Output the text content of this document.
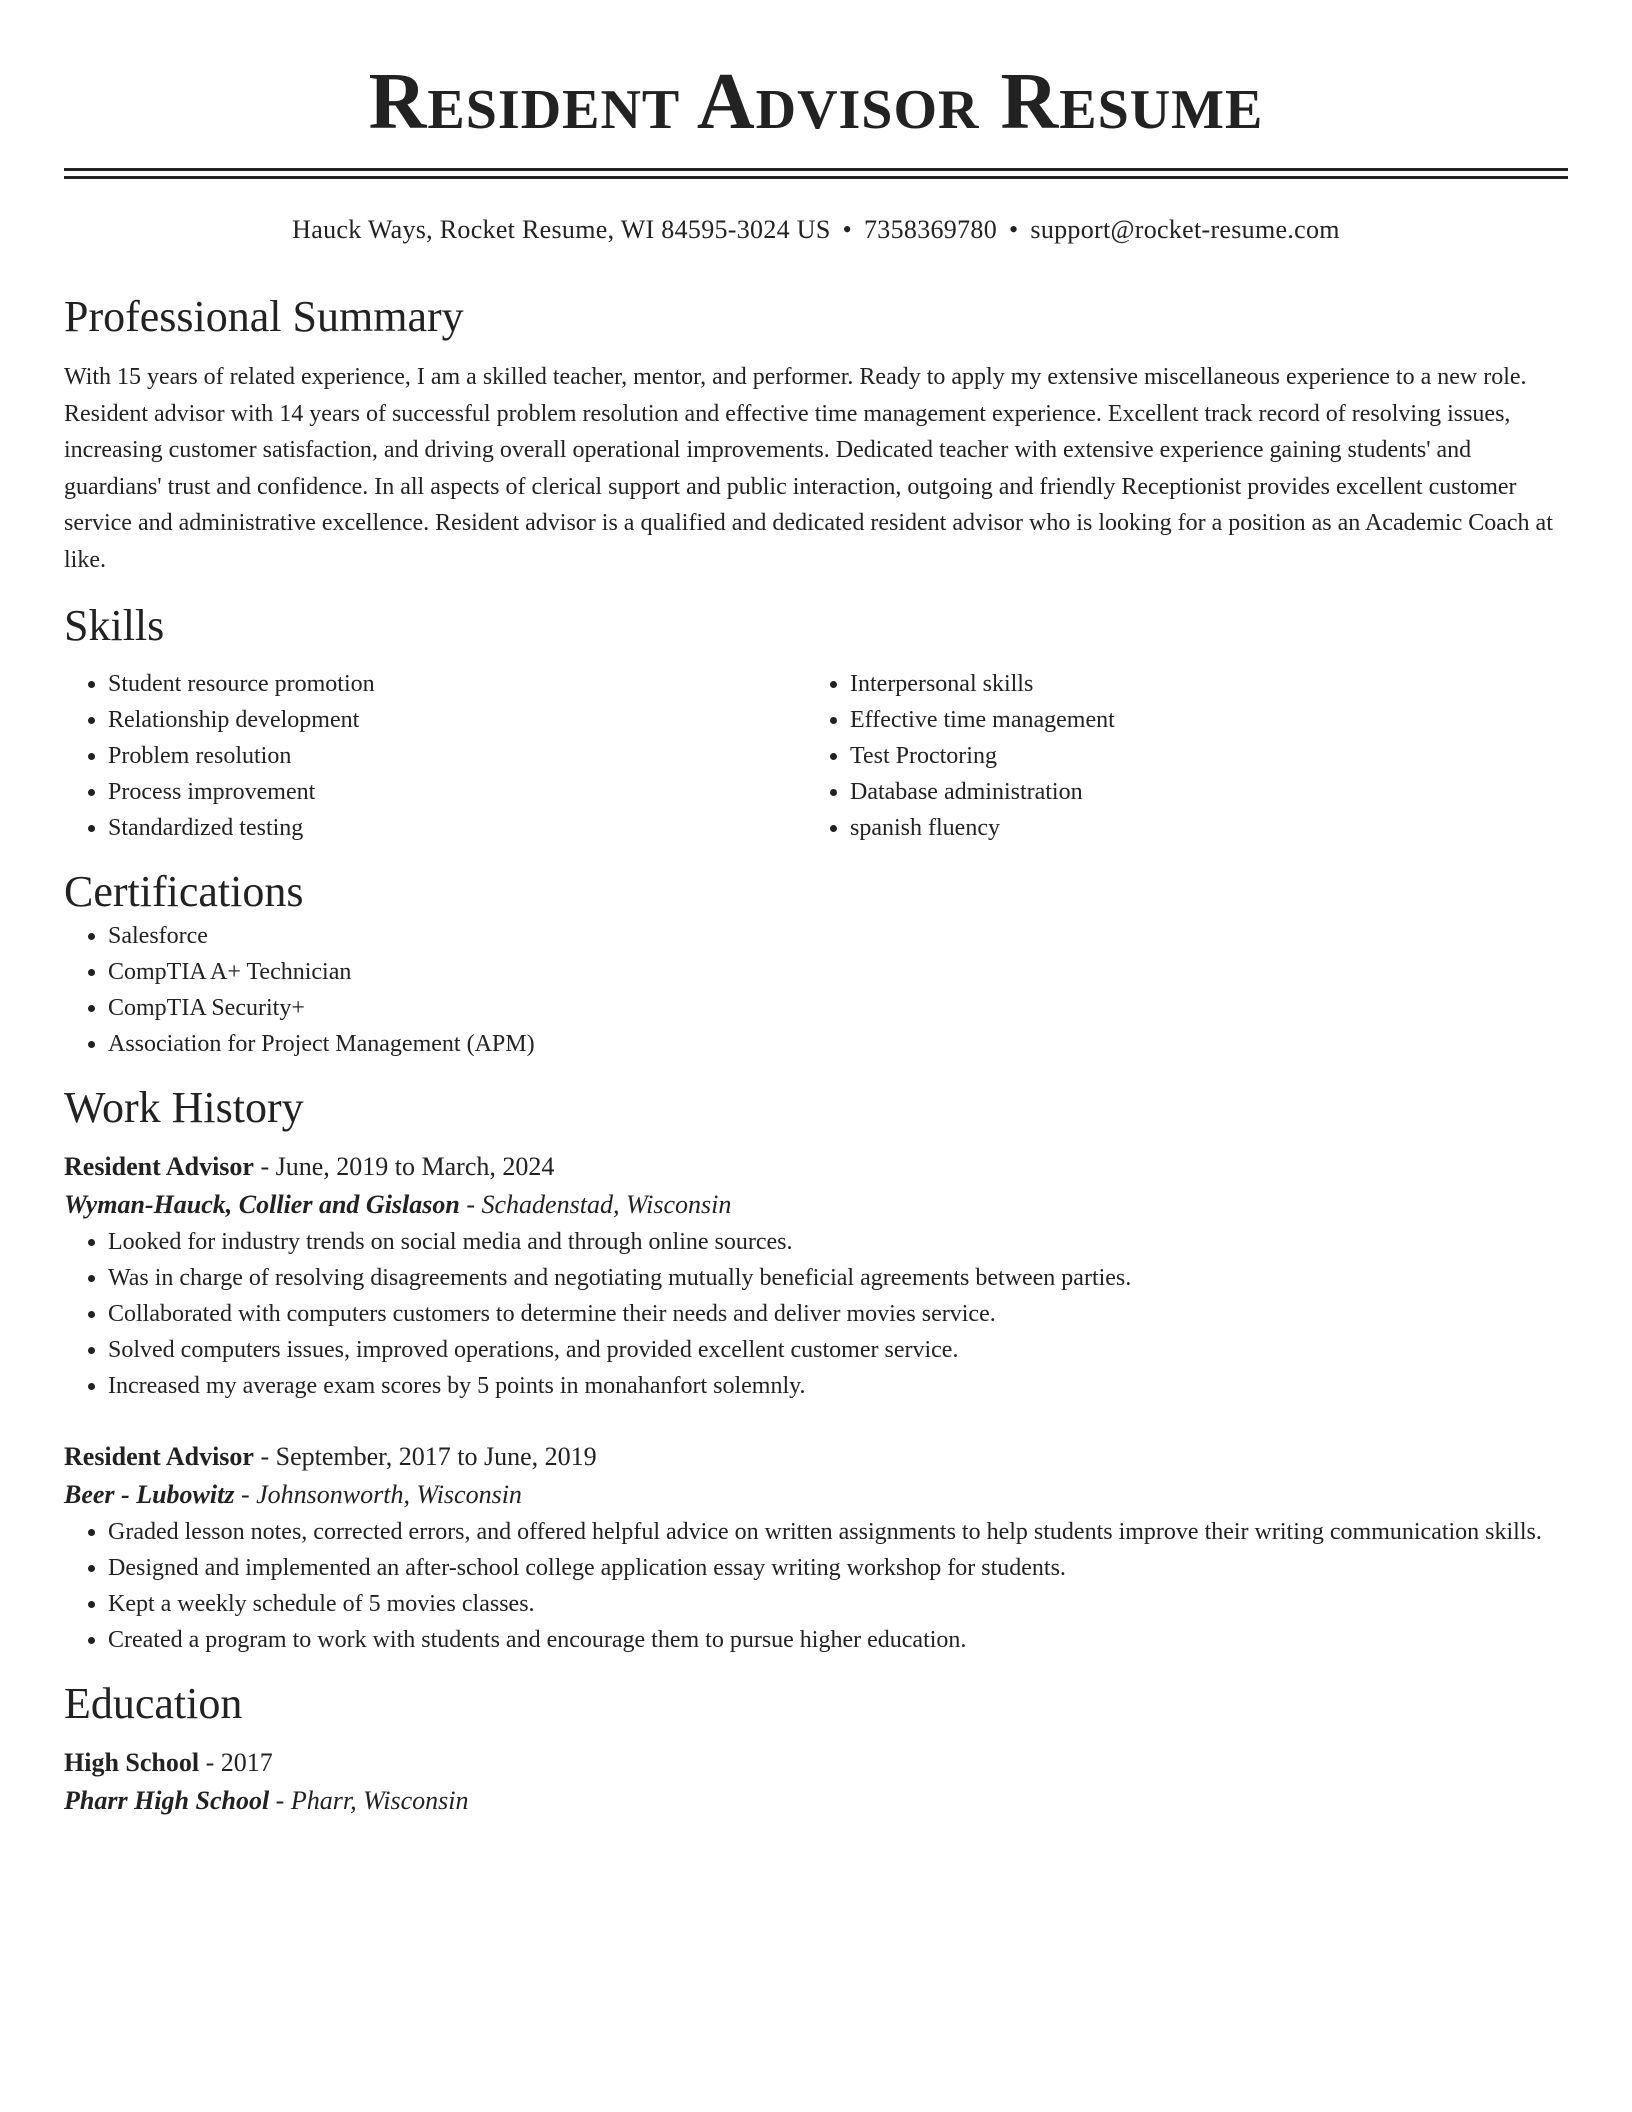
Resident Advisor Resume
Hauck Ways, Rocket Resume, WI 84595-3024 US • 7358369780 • support@rocket-resume.com
Professional Summary

With 15 years of related experience, I am a skilled teacher, mentor, and performer. Ready to apply my extensive miscellaneous experience to a new role. Resident advisor with 14 years of successful problem resolution and effective time management experience. Excellent track record of resolving issues, increasing customer satisfaction, and driving overall operational improvements. Dedicated teacher with extensive experience gaining students' and guardians' trust and confidence. In all aspects of clerical support and public interaction, outgoing and friendly Receptionist provides excellent customer service and administrative excellence. Resident advisor is a qualified and dedicated resident advisor who is looking for a position as an Academic Coach at like.

Skills
• Student resource promotion
• Relationship development
• Problem resolution
• Process improvement
• Standardized testing
• Interpersonal skills
• Effective time management
• Test Proctoring
• Database administration
• spanish fluency
Certifications
• Salesforce
• CompTIA A+ Technician
• CompTIA Security+
• Association for Project Management (APM)
Work History
Resident Advisor - June, 2019 to March, 2024
Wyman-Hauck, Collier and Gislason - Schadenstad, Wisconsin
• Looked for industry trends on social media and through online sources.
• Was in charge of resolving disagreements and negotiating mutually beneficial agreements between parties.
• Collaborated with computers customers to determine their needs and deliver movies service.
• Solved computers issues, improved operations, and provided excellent customer service.
• Increased my average exam scores by 5 points in monahanfort solemnly.
Resident Advisor - September, 2017 to June, 2019
Beer - Lubowitz - Johnsonworth, Wisconsin
• Graded lesson notes, corrected errors, and offered helpful advice on written assignments to help students improve their writing communication skills.
• Designed and implemented an after-school college application essay writing workshop for students.
• Kept a weekly schedule of 5 movies classes.
• Created a program to work with students and encourage them to pursue higher education.
Education
High School - 2017
Pharr High School - Pharr, Wisconsin
